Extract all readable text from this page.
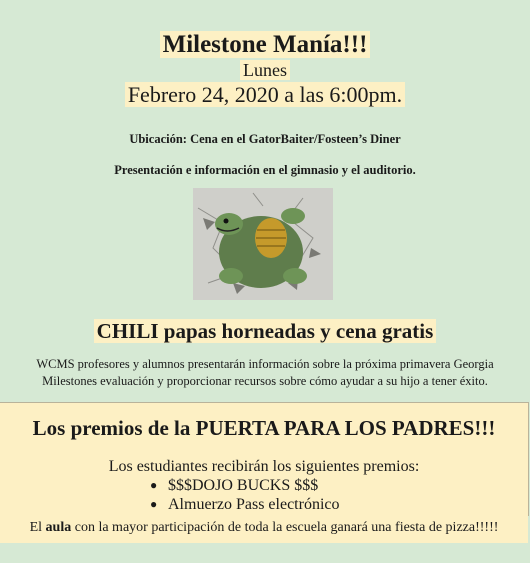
Milestone Manía!!!
Lunes
Febrero 24, 2020 a las 6:00pm.
Ubicación: Cena en el GatorBaiter/Fosteen’s Diner
Presentación e información en el gimnasio y el auditorio.
CHILI papas horneadas y cena gratis
WCMS profesores y alumnos presentarán información sobre la próxima primavera Georgia Milestones evaluación y proporcionar recursos sobre cómo ayudar a su hijo a tener éxito.
Los premios de la PUERTA PARA LOS PADRES!!!
Los estudiantes recibirán los siguientes premios:
● $$$DOJO BUCKS $$$
● Almuerzo Pass electrónico
El aula con la mayor participación de toda la escuela ganará una fiesta de pizza!!!!!
